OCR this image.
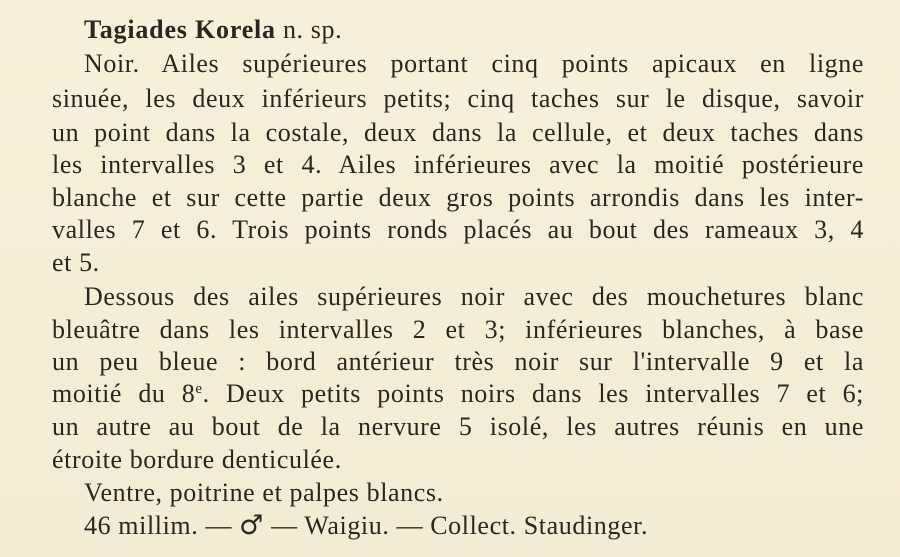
Tagiades Korela n. sp.
Noir. Ailes supérieures portant cinq points apicaux en ligne
sinuée, les deux inférieurs petits; cinq taches sur le disque, savoir
un point dans la costale, deux dans la cellule, et deux taches dans
les intervalles 3 et 4. Ailes inférieures avec la moitié postérieure
blanche et sur cette partie deux gros points arrondis dans les inter-
valles 7 et 6. Trois points ronds placés au bout des rameaux 3, 4
et 5.
Dessous des ailes supérieures noir avec des mouchetures blanc
bleuâtre dans les intervalles 2 et 3; inférieures blanches, à base
un peu bleue : bord antérieur très noir sur l'intervalle 9 et la
moitié du 8e. Deux petits points noirs dans les intervalles 7 et 6;
un autre au bout de la nervure 5 isolé, les autres réunis en une
étroite bordure denticulée.
Ventre, poitrine et palpes blancs.
46 millim. — ♂ — Waigiu. — Collect. Staudinger.
